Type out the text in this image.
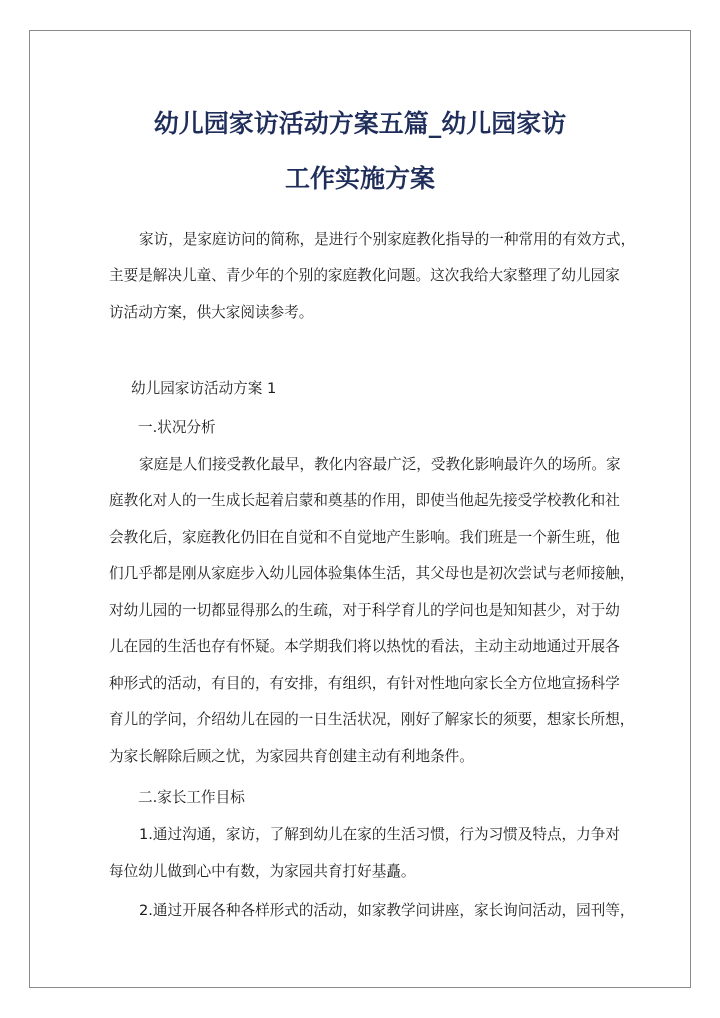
幼儿园家访活动方案五篇_幼儿园家访
工作实施方案
家访，是家庭访问的简称，是进行个别家庭教化指导的一种常用的有效方式，
主要是解决儿童、青少年的个别的家庭教化问题。这次我给大家整理了幼儿园家
访活动方案，供大家阅读参考。
幼儿园家访活动方案 1
一.状况分析
家庭是人们接受教化最早，教化内容最广泛，受教化影响最许久的场所。家
庭教化对人的一生成长起着启蒙和奠基的作用，即使当他起先接受学校教化和社
会教化后，家庭教化仍旧在自觉和不自觉地产生影响。我们班是一个新生班，他
们几乎都是刚从家庭步入幼儿园体验集体生活，其父母也是初次尝试与老师接触，
对幼儿园的一切都显得那么的生疏，对于科学育儿的学问也是知知甚少，对于幼
儿在园的生活也存有怀疑。本学期我们将以热忱的看法，主动主动地通过开展各
种形式的活动，有目的，有安排，有组织，有针对性地向家长全方位地宣扬科学
育儿的学问，介绍幼儿在园的一日生活状况，刚好了解家长的须要，想家长所想，
为家长解除后顾之忧，为家园共育创建主动有利地条件。
二.家长工作目标
1.通过沟通，家访，了解到幼儿在家的生活习惯，行为习惯及特点，力争对
每位幼儿做到心中有数，为家园共育打好基矗。
2.通过开展各种各样形式的活动，如家教学问讲座，家长询问活动，园刊等，
